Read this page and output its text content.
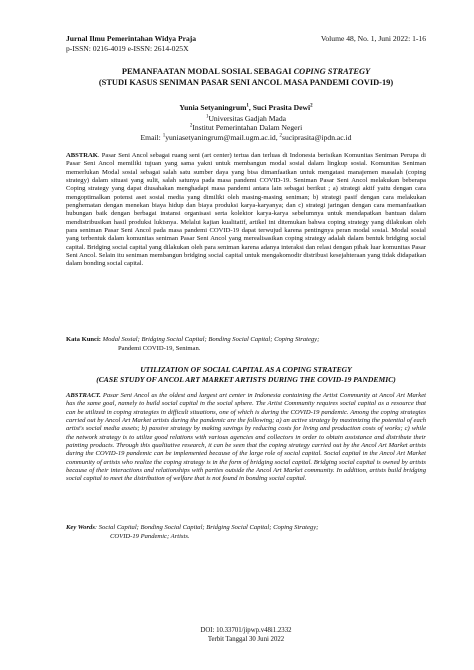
Jurnal Ilmu Pemerintahan Widya Praja	Volume 48, No. 1, Juni 2022: 1-16
p-ISSN: 0216-4019 e-ISSN: 2614-025X
PEMANFAATAN MODAL SOSIAL SEBAGAI COPING STRATEGY
(STUDI KASUS SENIMAN PASAR SENI ANCOL MASA PANDEMI COVID-19)
Yunia Setyaningrum$^1$, Suci Prasita Dewi$^2$
$^1$Universitas Gadjah Mada
$^2$Institut Pemerintahan Dalam Negeri
Email: $^1$yuniasetyaningrum@mail.ugm.ac.id, $^2$suciprasita@ipdn.ac.id
ABSTRAK. Pasar Seni Ancol sebagai ruang seni (art center) tertua dan terluas di Indonesia berisikan Komunitas Seniman Perupa di Pasar Seni Ancol memiliki tujuan yang sama yakni untuk membangun modal sosial dalam lingkup sosial. Komunitas Seniman memerlukan Modal sosial sebagai salah satu sumber daya yang bisa dimanfaatkan untuk mengatasi manajemen masalah (coping strategy) dalam situasi yang sulit, salah satunya pada masa pandemi COVID-19. Seniman Pasar Seni Ancol melakukan beberapa Coping strategy yang dapat diusahakan menghadapi masa pandemi antara lain sebagai berikut ; a) strategi aktif yaitu dengan cara mengoptimalkan potensi aset sosial media yang dimiliki oleh masing-masing seniman; b) strategi pasif dengan cara melakukan penghematan dengan menekan biaya hidup dan biaya produksi karya-karyanya; dan c) strategi jaringan dengan cara memanfaatkan hubungan baik dengan berbagai instansi organisasi serta kolektor karya-karya sebelumnya untuk mendapatkan bantuan dalam mendistribusikan hasil produksi lukisnya. Melalui kajian kualitatif, artikel ini ditemukan bahwa coping strategy yang dilakukan oleh para seniman Pasar Seni Ancol pada masa pandemi COVID-19 dapat terwujud karena pentingnya peran modal sosial. Modal sosial yang terbentuk dalam komunitas seniman Pasar Seni Ancol yang merealisasikan coping strategy adalah dalam bentuk bridging social capital. Bridging social capital yang dilakukan oleh para seniman karena adanya interaksi dan relasi dengan pihak luar komunitas Pasar Seni Ancol. Selain itu seniman membangun bridging social capital untuk mengakomodir distribusi kesejahteraan yang tidak didapatkan dalam bonding social capital.
Kata Kunci: Modal Sosial; Bridging Social Capital; Bonding Social Capital; Coping Strategy;
Pandemi COVID-19, Seniman.
UTILIZATION OF SOCIAL CAPITAL AS A COPING STRATEGY
(CASE STUDY OF ANCOL ART MARKET ARTISTS DURING THE COVID-19 PANDEMIC)
ABSTRACT. Pasar Seni Ancol as the oldest and largest art center in Indonesia containing the Artist Community at Ancol Art Market has the same goal, namely to build social capital in the social sphere. The Artist Community requires social capital as a resource that can be utilized in coping strategies in difficult situations, one of which is during the COVID-19 pandemic. Among the coping strategies carried out by Ancol Art Market artists during the pandemic are the following; a) an active strategy by maximizing the potential of each artist's social media assets; b) passive strategy by making savings by reducing costs for living and production costs of works; c) while the network strategy is to utilize good relations with various agencies and collectors in order to obtain assistance and distribute their painting products. Through this qualitative research, it can be seen that the coping strategy carried out by the Ancol Art Market artists during the COVID-19 pandemic can be implemented because of the large role of social capital. Social capital in the Ancol Art Market community of artists who realize the coping strategy is in the form of bridging social capital. Bridging social capital is owned by artists because of their interactions and relationships with parties outside the Ancol Art Market community. In addition, artists build bridging social capital to meet the distribution of welfare that is not found in bonding social capital.
Key Words: Social Capital; Bonding Social Capital; Bridging Social Capital; Coping Strategy;
COVID-19 Pandemic; Artists.
DOI: 10.33701/jipwp.v48i1.2332
Terbit Tanggal 30 Juni 2022
